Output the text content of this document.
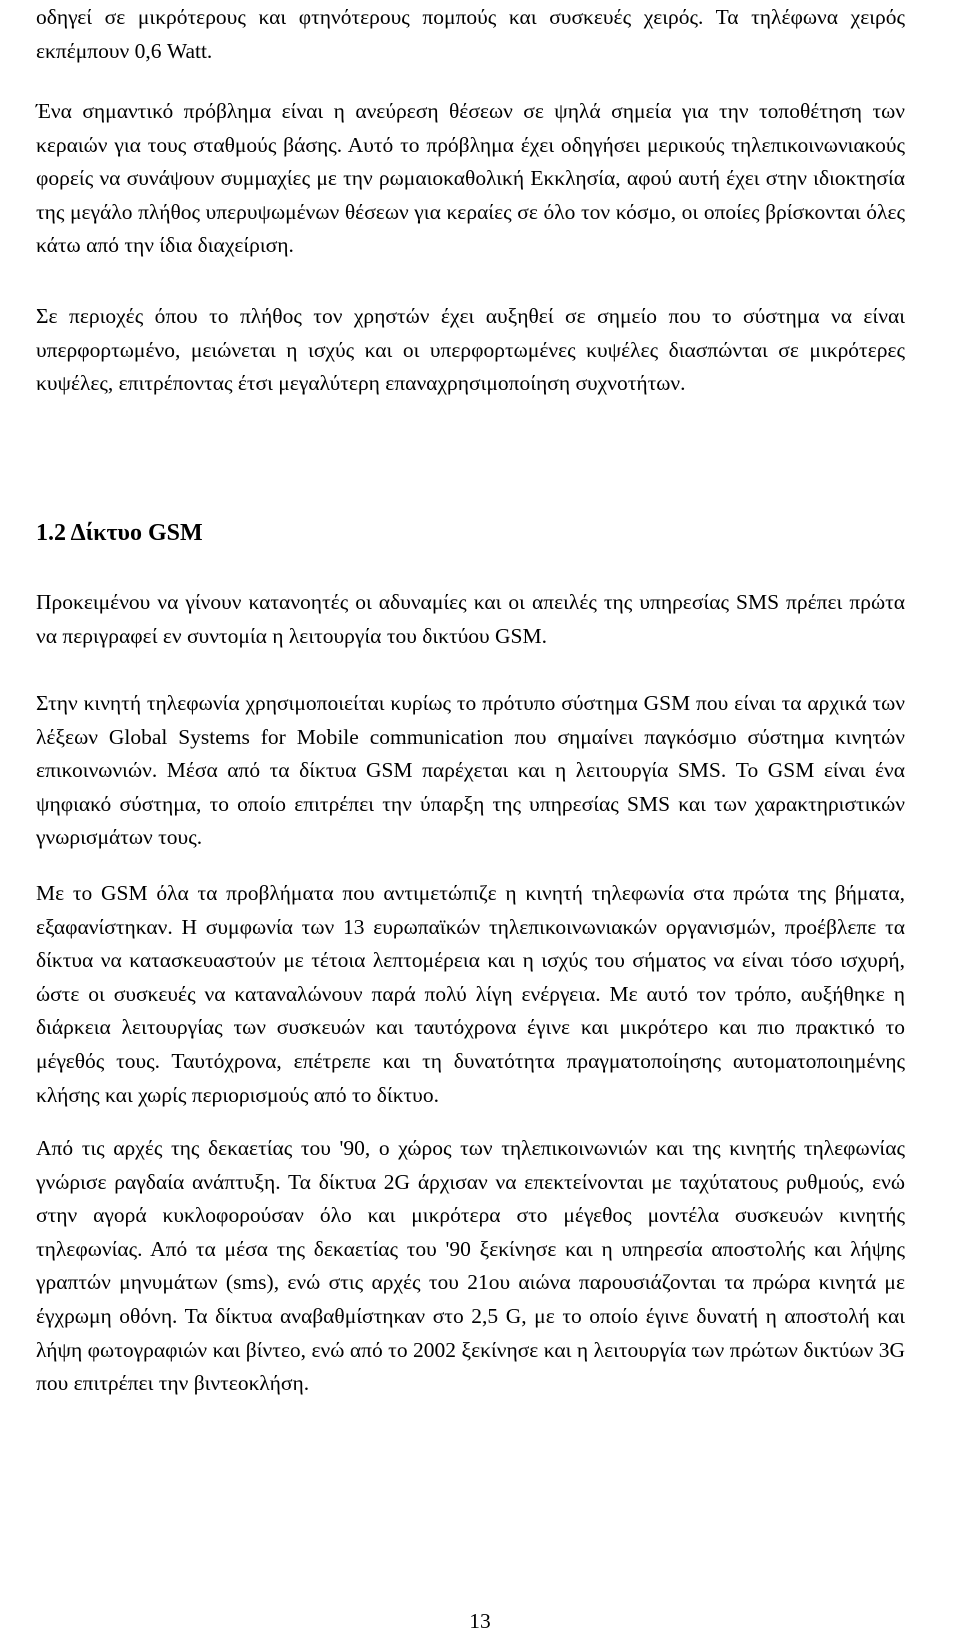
οδηγεί σε μικρότερους και φτηνότερους πομπούς και συσκευές χειρός. Τα τηλέφωνα χειρός εκπέμπουν 0,6 Watt.

Ένα σημαντικό πρόβλημα είναι η ανεύρεση θέσεων σε ψηλά σημεία για την τοποθέτηση των κεραιών για τους σταθμούς βάσης. Αυτό το πρόβλημα έχει οδηγήσει μερικούς τηλεπικοινωνιακούς φορείς να συνάψουν συμμαχίες με την ρωμαιοκαθολική Εκκλησία, αφού αυτή έχει στην ιδιοκτησία της μεγάλο πλήθος υπερυψωμένων θέσεων για κεραίες σε όλο τον κόσμο, οι οποίες βρίσκονται όλες κάτω από την ίδια διαχείριση.

Σε περιοχές όπου το πλήθος τον χρηστών έχει αυξηθεί σε σημείο που το σύστημα να είναι υπερφορτωμένο, μειώνεται η ισχύς και οι υπερφορτωμένες κυψέλες διασπώνται σε μικρότερες κυψέλες, επιτρέποντας έτσι μεγαλύτερη επαναχρησιμοποίηση συχνοτήτων.

1.2 Δίκτυο GSM

Προκειμένου να γίνουν κατανοητές οι αδυναμίες και οι απειλές της υπηρεσίας SMS πρέπει πρώτα να περιγραφεί εν συντομία η λειτουργία του δικτύου GSM.

Στην κινητή τηλεφωνία χρησιμοποιείται κυρίως το πρότυπο σύστημα GSM που είναι τα αρχικά των λέξεων Global Systems for Mobile communication που σημαίνει παγκόσμιο σύστημα κινητών επικοινωνιών. Μέσα από τα δίκτυα GSM παρέχεται και η λειτουργία SMS. Το GSM είναι ένα ψηφιακό σύστημα, το οποίο επιτρέπει την ύπαρξη της υπηρεσίας SMS και των χαρακτηριστικών γνωρισμάτων τους.

Με το GSM όλα τα προβλήματα που αντιμετώπιζε η κινητή τηλεφωνία στα πρώτα της βήματα, εξαφανίστηκαν. Η συμφωνία των 13 ευρωπαϊκών τηλεπικοινωνιακών οργανισμών, προέβλεπε τα δίκτυα να κατασκευαστούν με τέτοια λεπτομέρεια και η ισχύς του σήματος να είναι τόσο ισχυρή, ώστε οι συσκευές να καταναλώνουν παρά πολύ λίγη ενέργεια. Με αυτό τον τρόπο, αυξήθηκε η διάρκεια λειτουργίας των συσκευών και ταυτόχρονα έγινε και μικρότερο και πιο πρακτικό το μέγεθός τους. Ταυτόχρονα, επέτρεπε και τη δυνατότητα πραγματοποίησης αυτοματοποιημένης κλήσης και χωρίς περιορισμούς από το δίκτυο.

Από τις αρχές της δεκαετίας του '90, ο χώρος των τηλεπικοινωνιών και της κινητής τηλεφωνίας γνώρισε ραγδαία ανάπτυξη. Τα δίκτυα 2G άρχισαν να επεκτείνονται με ταχύτατους ρυθμούς, ενώ στην αγορά κυκλοφορούσαν όλο και μικρότερα στο μέγεθος μοντέλα συσκευών κινητής τηλεφωνίας. Από τα μέσα της δεκαετίας του '90 ξεκίνησε και η υπηρεσία αποστολής και λήψης γραπτών μηνυμάτων (sms), ενώ στις αρχές του 21ου αιώνα παρουσιάζονται τα πρώρα κινητά με έγχρωμη οθόνη. Τα δίκτυα αναβαθμίστηκαν στο 2,5 G, με το οποίο έγινε δυνατή η αποστολή και λήψη φωτογραφιών και βίντεο, ενώ από το 2002 ξεκίνησε και η λειτουργία των πρώτων δικτύων 3G που επιτρέπει την βιντεοκλήση.

13
